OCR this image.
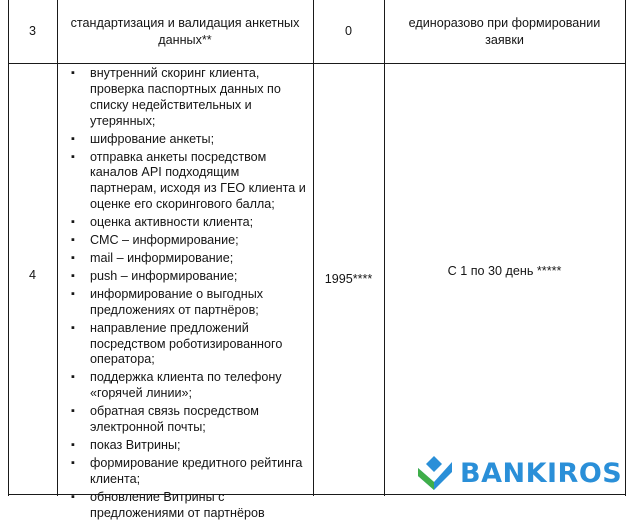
3
стандартизация и валидация анкетных
данных**
0
единоразово при формировании
заявки
4
▪ внутренний скоринг клиента,
проверка паспортных данных по
списку недействительных и
утерянных;
▪ шифрование анкеты;
▪ отправка анкеты посредством
каналов API подходящим
партнерам, исходя из ГЕО клиента и
оценке его скорингового балла;
▪ оценка активности клиента;
▪ СМС – информирование;
▪ mail – информирование;
▪ push – информирование;
▪ информирование о выгодных
предложениях от партнёров;
▪ направление предложений
посредством роботизированного
оператора;
▪ поддержка клиента по телефону
«горячей линии»;
▪ обратная связь посредством
электронной почты;
▪ показ Витрины;
▪ формирование кредитного рейтинга
клиента;
▪ обновление Витрины с
предложениями от партнёров
1995****
С 1 по 30 день *****
BANKIROS
